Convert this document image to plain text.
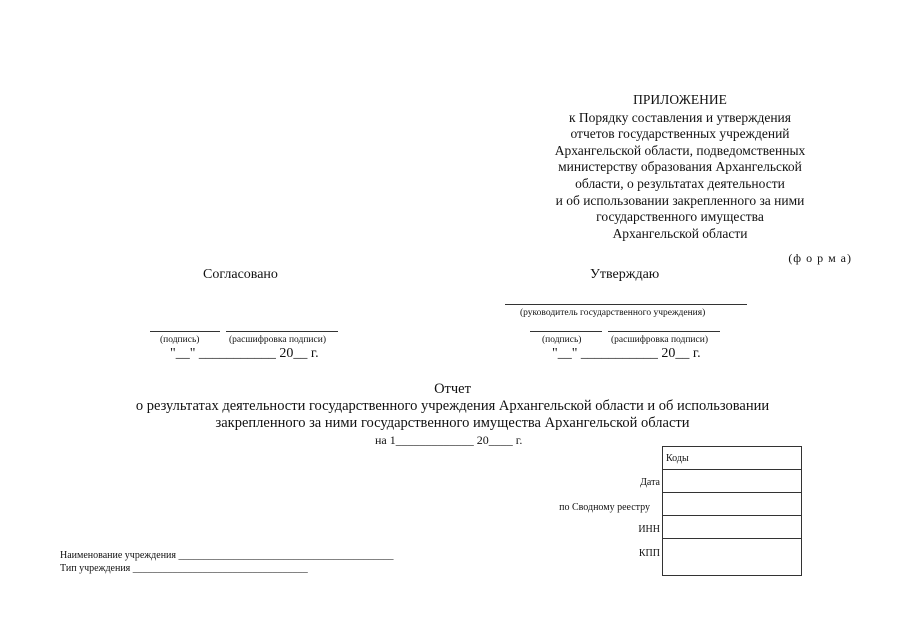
ПРИЛОЖЕНИЕ
к Порядку составления и утверждения
отчетов государственных учреждений
Архангельской области, подведомственных
министерству образования Архангельской
области, о результатах деятельности
и об использовании закрепленного за ними
государственного имущества
Архангельской области
(ф о р м а)
Согласовано
(подпись)	(расшифровка подписи)
"__" ___________ 20__ г.
Утверждаю
(руководитель государственного учреждения)
(подпись)	(расшифровка подписи)
"__" ___________ 20__ г.
Отчет
о результатах деятельности государственного учреждения Архангельской области и об использовании
закрепленного за ними государственного имущества Архангельской области
на 1_____________ 20____ г.
Коды
Дата
по Сводному реестру
ИНН
КПП
Наименование учреждения ___________________________________________
Тип учреждения ___________________________________
